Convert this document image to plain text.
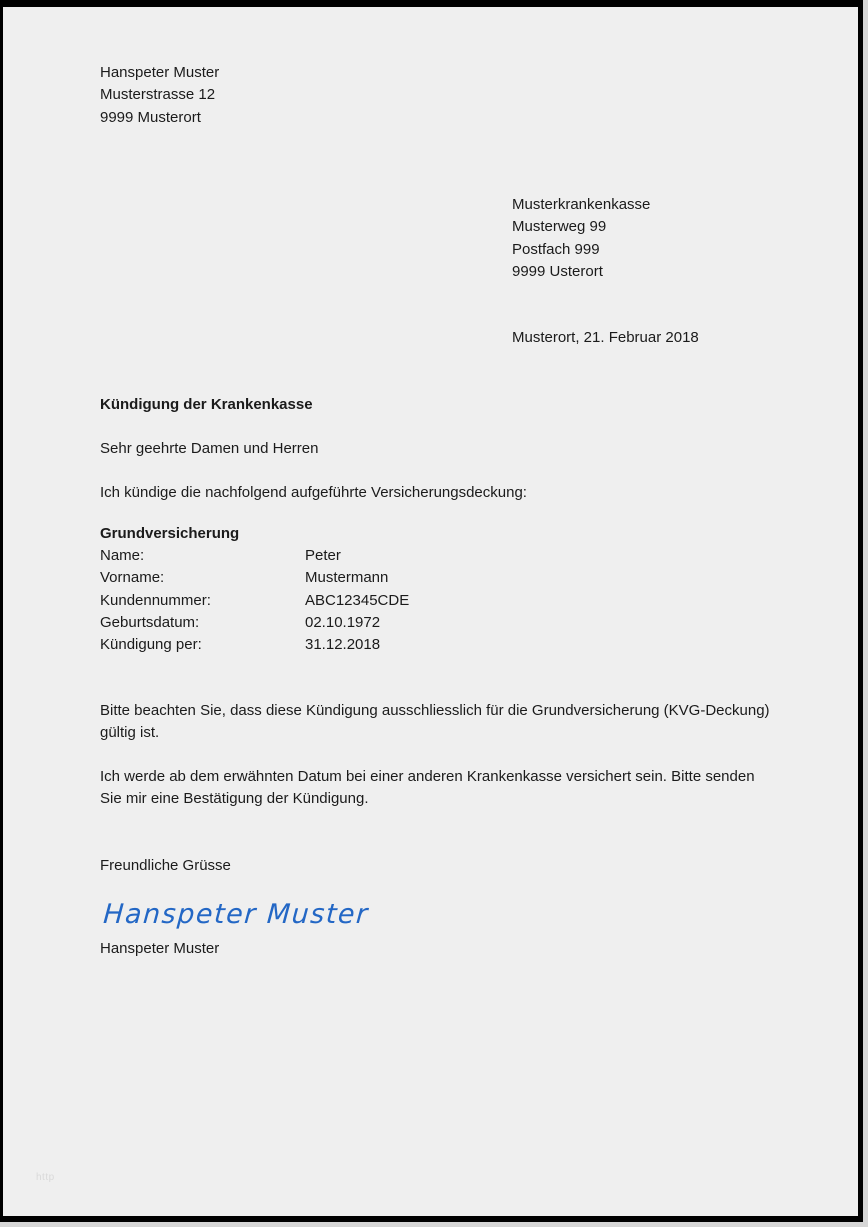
Hanspeter Muster
Musterstrasse 12
9999 Musterort
Musterkrankenkasse
Musterweg 99
Postfach 999
9999 Usterort
Musterort, 21. Februar 2018
Kündigung der Krankenkasse
Sehr geehrte Damen und Herren
Ich kündige die nachfolgend aufgeführte Versicherungsdeckung:
Grundversicherung
Name:	Peter
Vorname:	Mustermann
Kundennummer:	ABC12345CDE
Geburtsdatum:	02.10.1972
Kündigung per:	31.12.2018
Bitte beachten Sie, dass diese Kündigung ausschliesslich für die Grundversicherung (KVG-Deckung) gültig ist.
Ich werde ab dem erwähnten Datum bei einer anderen Krankenkasse versichert sein. Bitte senden Sie mir eine Bestätigung der Kündigung.
Freundliche Grüsse
Hanspeter Muster
Hanspeter Muster
http
